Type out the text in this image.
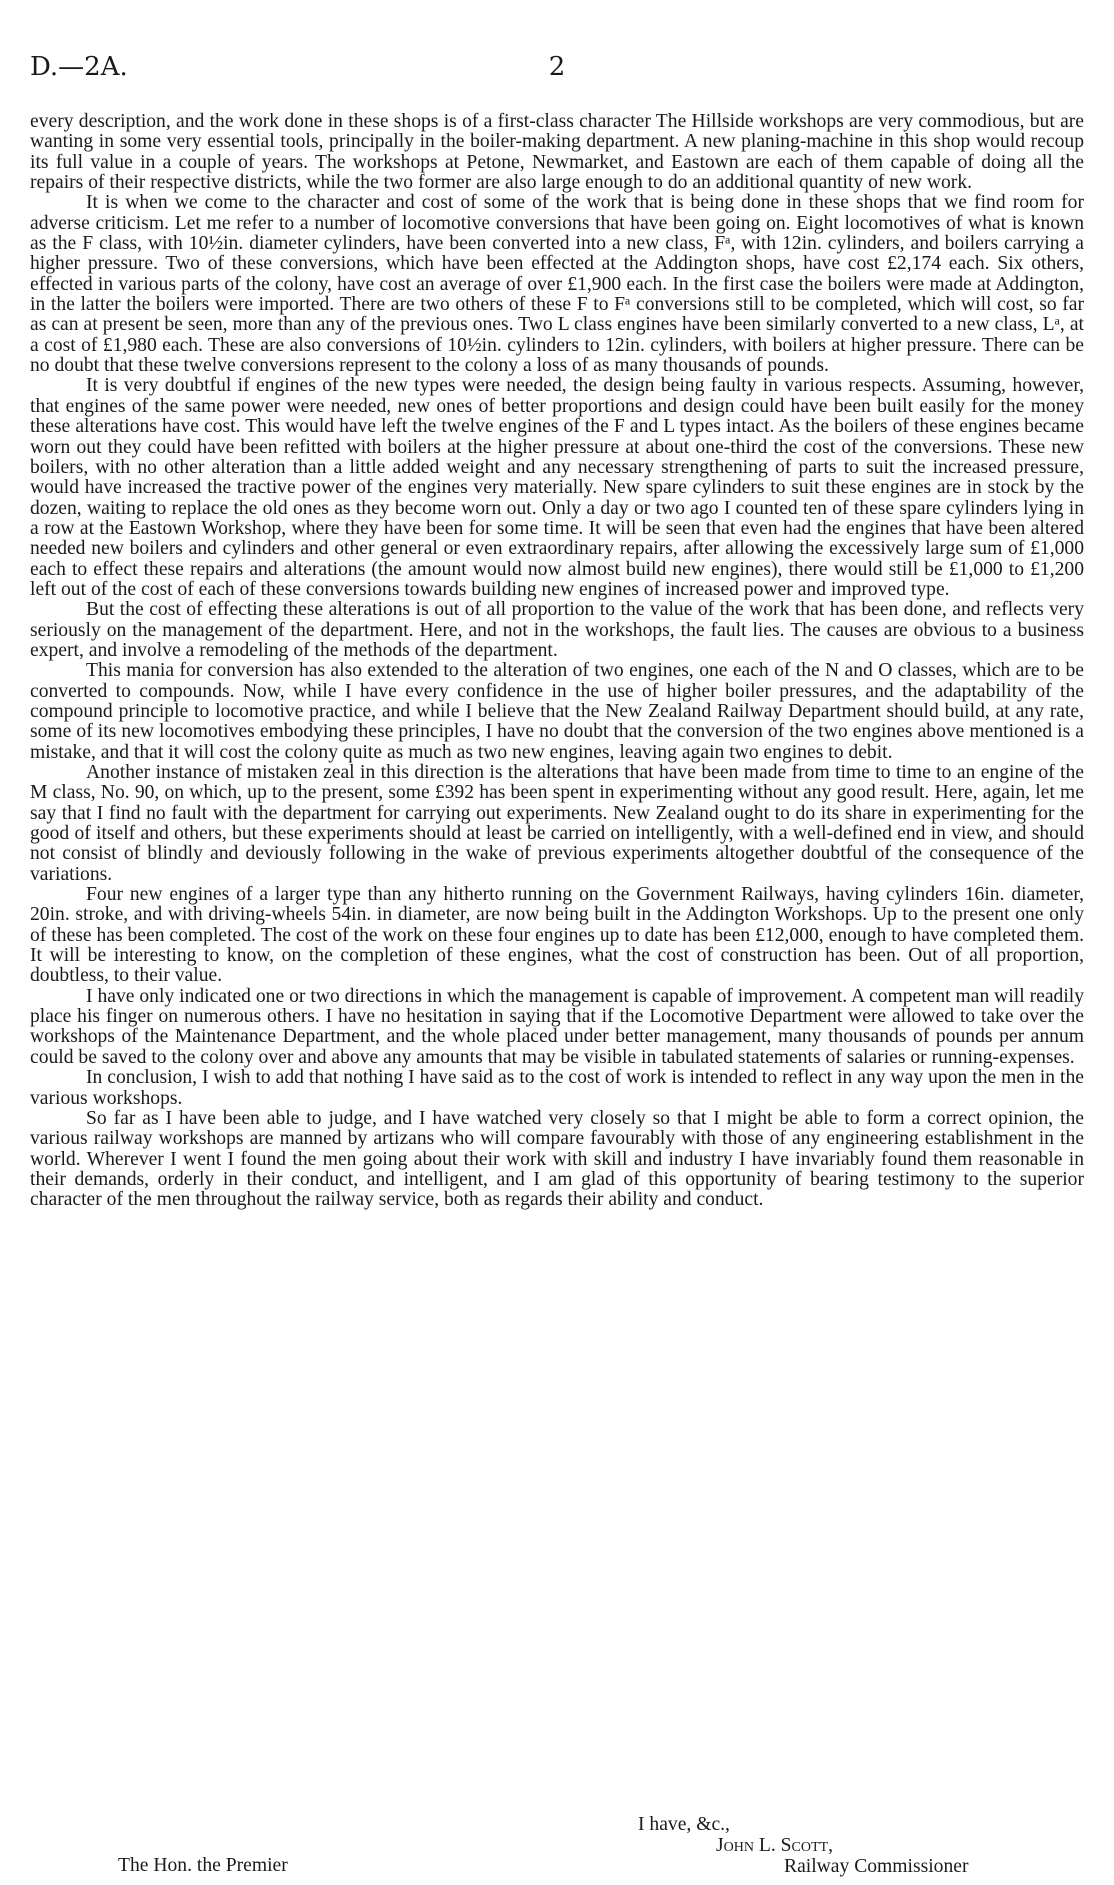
D.—2A.	2

every description, and the work done in these shops is of a first-class character The Hillside workshops are very commodious, but are wanting in some very essential tools, principally in the boiler-making department. A new planing-machine in this shop would recoup its full value in a couple of years. The workshops at Petone, Newmarket, and Eastown are each of them capable of doing all the repairs of their respective districts, while the two former are also large enough to do an additional quantity of new work.

It is when we come to the character and cost of some of the work that is being done in these shops that we find room for adverse criticism. Let me refer to a number of locomotive conversions that have been going on. Eight locomotives of what is known as the F class, with 10½in. diameter cylinders, have been converted into a new class, Fᵃ, with 12in. cylinders, and boilers carrying a higher pressure. Two of these conversions, which have been effected at the Addington shops, have cost £2,174 each. Six others, effected in various parts of the colony, have cost an average of over £1,900 each. In the first case the boilers were made at Addington, in the latter the boilers were imported. There are two others of these F to Fᵃ conversions still to be completed, which will cost, so far as can at present be seen, more than any of the previous ones. Two L class engines have been similarly converted to a new class, Lᵃ, at a cost of £1,980 each. These are also conversions of 10½in. cylinders to 12in. cylinders, with boilers at higher pressure. There can be no doubt that these twelve conversions represent to the colony a loss of as many thousands of pounds.

It is very doubtful if engines of the new types were needed, the design being faulty in various respects. Assuming, however, that engines of the same power were needed, new ones of better proportions and design could have been built easily for the money these alterations have cost. This would have left the twelve engines of the F and L types intact. As the boilers of these engines became worn out they could have been refitted with boilers at the higher pressure at about one-third the cost of the conversions. These new boilers, with no other alteration than a little added weight and any necessary strengthening of parts to suit the increased pressure, would have increased the tractive power of the engines very materially. New spare cylinders to suit these engines are in stock by the dozen, waiting to replace the old ones as they become worn out. Only a day or two ago I counted ten of these spare cylinders lying in a row at the Eastown Workshop, where they have been for some time. It will be seen that even had the engines that have been altered needed new boilers and cylinders and other general or even extraordinary repairs, after allowing the excessively large sum of £1,000 each to effect these repairs and alterations (the amount would now almost build new engines), there would still be £1,000 to £1,200 left out of the cost of each of these conversions towards building new engines of increased power and improved type.

But the cost of effecting these alterations is out of all proportion to the value of the work that has been done, and reflects very seriously on the management of the department. Here, and not in the workshops, the fault lies. The causes are obvious to a business expert, and involve a remodeling of the methods of the department.

This mania for conversion has also extended to the alteration of two engines, one each of the N and O classes, which are to be converted to compounds. Now, while I have every confidence in the use of higher boiler pressures, and the adaptability of the compound principle to locomotive practice, and while I believe that the New Zealand Railway Department should build, at any rate, some of its new locomotives embodying these principles, I have no doubt that the conversion of the two engines above mentioned is a mistake, and that it will cost the colony quite as much as two new engines, leaving again two engines to debit.

Another instance of mistaken zeal in this direction is the alterations that have been made from time to time to an engine of the M class, No. 90, on which, up to the present, some £392 has been spent in experimenting without any good result. Here, again, let me say that I find no fault with the department for carrying out experiments. New Zealand ought to do its share in experimenting for the good of itself and others, but these experiments should at least be carried on intelligently, with a well-defined end in view, and should not consist of blindly and deviously following in the wake of previous experiments altogether doubtful of the consequence of the variations.

Four new engines of a larger type than any hitherto running on the Government Railways, having cylinders 16in. diameter, 20in. stroke, and with driving-wheels 54in. in diameter, are now being built in the Addington Workshops. Up to the present one only of these has been completed. The cost of the work on these four engines up to date has been £12,000, enough to have completed them. It will be interesting to know, on the completion of these engines, what the cost of construction has been. Out of all proportion, doubtless, to their value.

I have only indicated one or two directions in which the management is capable of improvement. A competent man will readily place his finger on numerous others. I have no hesitation in saying that if the Locomotive Department were allowed to take over the workshops of the Maintenance Department, and the whole placed under better management, many thousands of pounds per annum could be saved to the colony over and above any amounts that may be visible in tabulated statements of salaries or running-expenses.

In conclusion, I wish to add that nothing I have said as to the cost of work is intended to reflect in any way upon the men in the various workshops.

So far as I have been able to judge, and I have watched very closely so that I might be able to form a correct opinion, the various railway workshops are manned by artizans who will compare favourably with those of any engineering establishment in the world. Wherever I went I found the men going about their work with skill and industry I have invariably found them reasonable in their demands, orderly in their conduct, and intelligent, and I am glad of this opportunity of bearing testimony to the superior character of the men throughout the railway service, both as regards their ability and conduct.

I have, &c.,
John L. Scott,
The Hon. the Premier	Railway Commissioner
